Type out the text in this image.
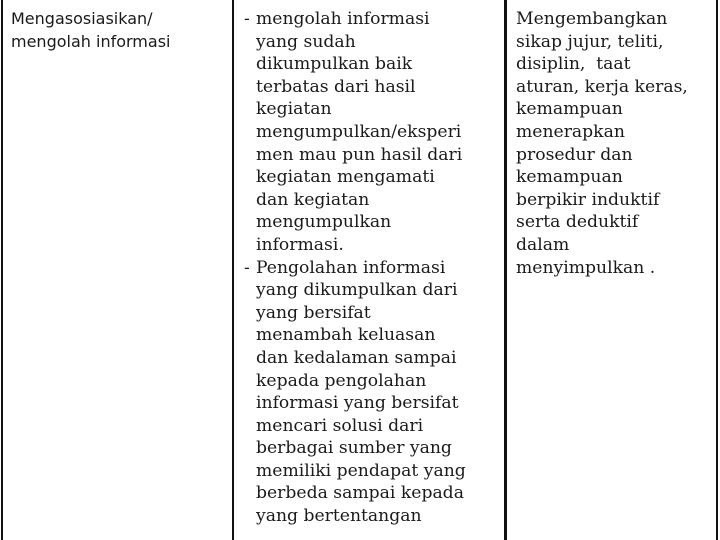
Mengasosiasikan/
mengolah informasi
- mengolah informasi
yang sudah
dikumpulkan baik
terbatas dari hasil
kegiatan
mengumpulkan/eksperi
men mau pun hasil dari
kegiatan mengamati
dan kegiatan
mengumpulkan
informasi.
- Pengolahan informasi
yang dikumpulkan dari
yang bersifat
menambah keluasan
dan kedalaman sampai
kepada pengolahan
informasi yang bersifat
mencari solusi dari
berbagai sumber yang
memiliki pendapat yang
berbeda sampai kepada
yang bertentangan
Mengembangkan
sikap jujur, teliti,
disiplin,  taat
aturan, kerja keras,
kemampuan
menerapkan
prosedur dan
kemampuan
berpikir induktif
serta deduktif
dalam
menyimpulkan .
